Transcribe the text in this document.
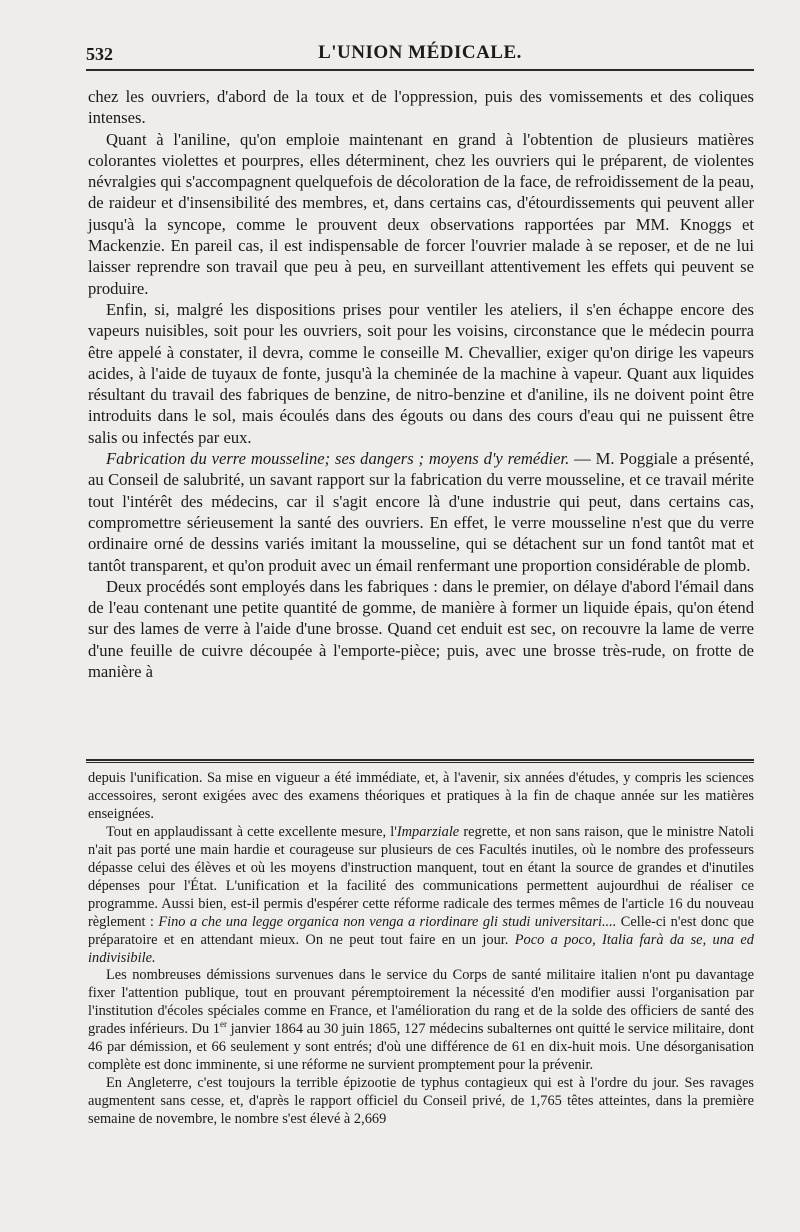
532	L'UNION MÉDICALE.

chez les ouvriers, d'abord de la toux et de l'oppression, puis des vomissements et des coliques intenses.

Quant à l'aniline, qu'on emploie maintenant en grand à l'obtention de plusieurs matières colorantes violettes et pourpres, elles déterminent, chez les ouvriers qui le préparent, de violentes névralgies qui s'accompagnent quelquefois de décoloration de la face, de refroidissement de la peau, de raideur et d'insensibilité des membres, et, dans certains cas, d'étourdissements qui peuvent aller jusqu'à la syncope, comme le prouvent deux observations rapportées par MM. Knoggs et Mackenzie. En pareil cas, il est indispensable de forcer l'ouvrier malade à se reposer, et de ne lui laisser reprendre son travail que peu à peu, en surveillant attentivement les effets qui peuvent se produire.

Enfin, si, malgré les dispositions prises pour ventiler les ateliers, il s'en échappe encore des vapeurs nuisibles, soit pour les ouvriers, soit pour les voisins, circonstance que le médecin pourra être appelé à constater, il devra, comme le conseille M. Chevallier, exiger qu'on dirige les vapeurs acides, à l'aide de tuyaux de fonte, jusqu'à la cheminée de la machine à vapeur. Quant aux liquides résultant du travail des fabriques de benzine, de nitro-benzine et d'aniline, ils ne doivent point être introduits dans le sol, mais écoulés dans des égouts ou dans des cours d'eau qui ne puissent être salis ou infectés par eux.

Fabrication du verre mousseline; ses dangers ; moyens d'y remédier. — M. Poggiale a présenté, au Conseil de salubrité, un savant rapport sur la fabrication du verre mousseline, et ce travail mérite tout l'intérêt des médecins, car il s'agit encore là d'une industrie qui peut, dans certains cas, compromettre sérieusement la santé des ouvriers. En effet, le verre mousseline n'est que du verre ordinaire orné de dessins variés imitant la mousseline, qui se détachent sur un fond tantôt mat et tantôt transparent, et qu'on produit avec un émail renfermant une proportion considérable de plomb.

Deux procédés sont employés dans les fabriques : dans le premier, on délaye d'abord l'émail dans de l'eau contenant une petite quantité de gomme, de manière à former un liquide épais, qu'on étend sur des lames de verre à l'aide d'une brosse. Quand cet enduit est sec, on recouvre la lame de verre d'une feuille de cuivre découpée à l'emporte-pièce; puis, avec une brosse très-rude, on frotte de manière à

depuis l'unification. Sa mise en vigueur a été immédiate, et, à l'avenir, six années d'études, y compris les sciences accessoires, seront exigées avec des examens théoriques et pratiques à la fin de chaque année sur les matières enseignées.

Tout en applaudissant à cette excellente mesure, l'Imparziale regrette, et non sans raison, que le ministre Natoli n'ait pas porté une main hardie et courageuse sur plusieurs de ces Facultés inutiles, où le nombre des professeurs dépasse celui des élèves et où les moyens d'instruction manquent, tout en étant la source de grandes et d'inutiles dépenses pour l'État. L'unification et la facilité des communications permettent aujourdhui de réaliser ce programme. Aussi bien, est-il permis d'espérer cette réforme radicale des termes mêmes de l'article 16 du nouveau règlement : Fino a che una legge organica non venga a riordinare gli studi universitari.... Celle-ci n'est donc que préparatoire et en attendant mieux. On ne peut tout faire en un jour. Poco a poco, Italia farà da se, una ed indivisibile.

Les nombreuses démissions survenues dans le service du Corps de santé militaire italien n'ont pu davantage fixer l'attention publique, tout en prouvant péremptoirement la nécessité d'en modifier aussi l'organisation par l'institution d'écoles spéciales comme en France, et l'amélioration du rang et de la solde des officiers de santé des grades inférieurs. Du 1er janvier 1864 au 30 juin 1865, 127 médecins subalternes ont quitté le service militaire, dont 46 par démission, et 66 seulement y sont entrés; d'où une différence de 61 en dix-huit mois. Une désorganisation complète est donc imminente, si une réforme ne survient promptement pour la prévenir.

En Angleterre, c'est toujours la terrible épizootie de typhus contagieux qui est à l'ordre du jour. Ses ravages augmentent sans cesse, et, d'après le rapport officiel du Conseil privé, de 1,765 têtes atteintes, dans la première semaine de novembre, le nombre s'est élevé à 2,669
